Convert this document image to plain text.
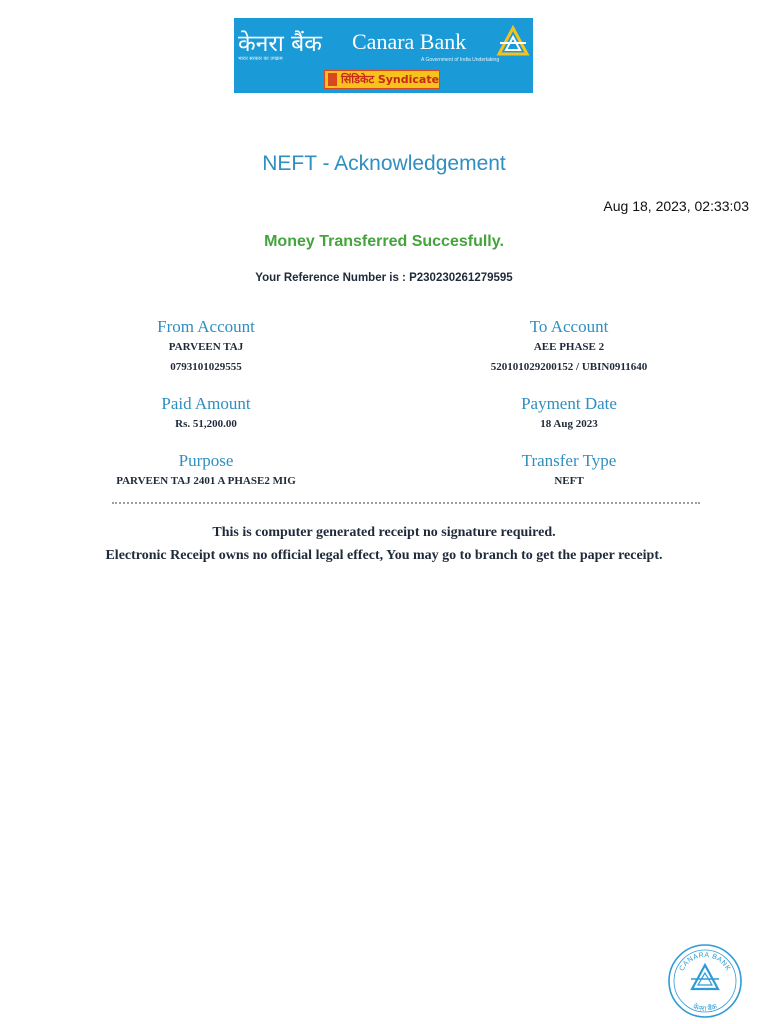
केनरा बैंक
भारत सरकार का उपक्रम
Canara Bank
A Government of India Undertaking
सिंडिकेट Syndicate
NEFT - Acknowledgement
Aug 18, 2023, 02:33:03
Money Transferred Succesfully.
Your Reference Number is : P230230261279595
From Account
PARVEEN TAJ
0793101029555
To Account
AEE PHASE 2
520101029200152 / UBIN0911640
Paid Amount
Rs. 51,200.00
Payment Date
18 Aug 2023
Purpose
PARVEEN TAJ 2401 A PHASE2 MIG
Transfer Type
NEFT
This is computer generated receipt no signature required.
Electronic Receipt owns no official legal effect, You may go to branch to get the paper receipt.
CANARA BANK
केनरा बैंक
